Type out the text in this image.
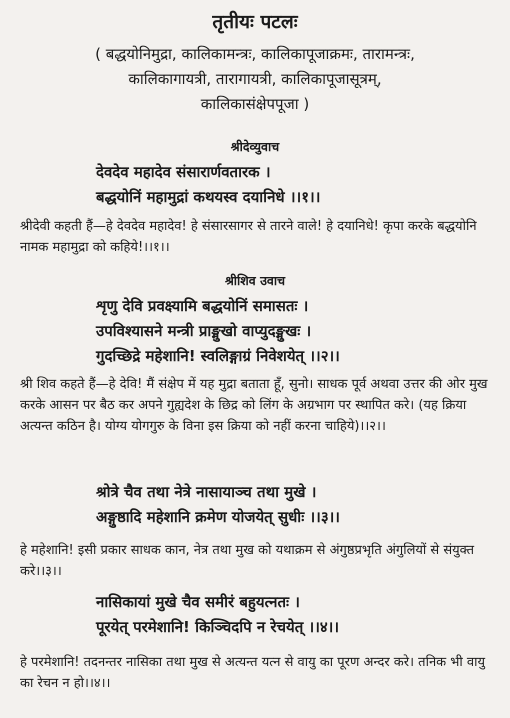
तृतीयः पटलः
( बद्धयोनिमुद्रा, कालिकामन्त्रः, कालिकापूजाक्रमः, तारामन्त्रः,
कालिकागायत्री, तारागायत्री, कालिकापूजासूत्रम्,
कालिकासंक्षेपपूजा )
श्रीदेव्युवाच
देवदेव महादेव संसारार्णवतारक ।
बद्धयोनिं महामुद्रां कथयस्व दयानिधे ।।१।।
श्रीदेवी कहती हैं—हे देवदेव महादेव! हे संसारसागर से तारने वाले! हे दयानिधे! कृपा करके बद्धयोनि नामक महामुद्रा को कहिये!।।१।।
श्रीशिव उवाच
शृणु देवि प्रवक्ष्यामि बद्धयोनिं समासतः ।
उपविश्यासने मन्त्री प्राङ्मुखो वाप्युदङ्मुखः ।
गुदच्छिद्रे महेशानि! स्वलिङ्गाग्रं निवेशयेत् ।।२।।
श्री शिव कहते हैं—हे देवि! मैं संक्षेप में यह मुद्रा बताता हूँ, सुनो। साधक पूर्व अथवा उत्तर की ओर मुख करके आसन पर बैठ कर अपने गुह्यदेश के छिद्र को लिंग के अग्रभाग पर स्थापित करे। (यह क्रिया अत्यन्त कठिन है। योग्य योगगुरु के विना इस क्रिया को नहीं करना चाहिये)।।२।।
श्रोत्रे चैव तथा नेत्रे नासायाञ्च तथा मुखे ।
अङ्गुष्ठादि महेशानि क्रमेण योजयेत् सुधीः ।।३।।
हे महेशानि! इसी प्रकार साधक कान, नेत्र तथा मुख को यथाक्रम से अंगुष्ठप्रभृति अंगुलियों से संयुक्त करे।।३।।
नासिकायां मुखे चैव समीरं बहुयत्नतः ।
पूरयेत् परमेशानि! किञ्चिदपि न रेचयेत् ।।४।।
हे परमेशानि! तदनन्तर नासिका तथा मुख से अत्यन्त यत्न से वायु का पूरण अन्दर करे। तनिक भी वायु का रेचन न हो।।४।।
